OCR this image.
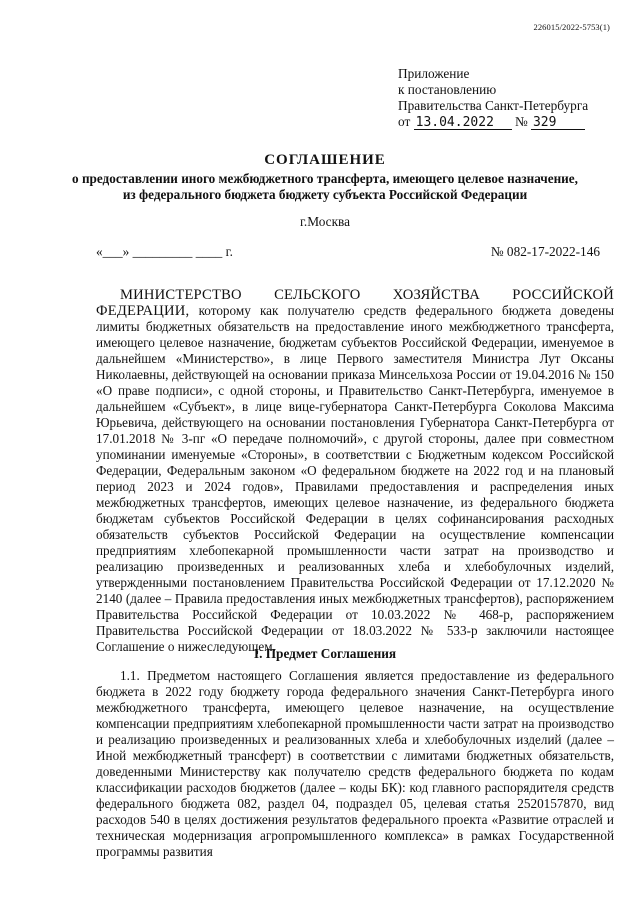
226015/2022-5753(1)
Приложение
к постановлению
Правительства Санкт-Петербурга
от 13.04.2022 № 329
СОГЛАШЕНИЕ
о предоставлении иного межбюджетного трансферта, имеющего целевое назначение,
из федерального бюджета бюджету субъекта Российской Федерации
г.Москва
«___» _________ ____ г.	№ 082-17-2022-146

МИНИСТЕРСТВО СЕЛЬСКОГО ХОЗЯЙСТВА РОССИЙСКОЙ ФЕДЕРАЦИИ, которому как получателю средств федерального бюджета доведены лимиты бюджетных обязательств на предоставление иного межбюджетного трансферта, имеющего целевое назначение, бюджетам субъектов Российской Федерации, именуемое в дальнейшем «Министерство», в лице Первого заместителя Министра Лут Оксаны Николаевны, действующей на основании приказа Минсельхоза России от 19.04.2016 № 150 «О праве подписи», с одной стороны, и Правительство Санкт-Петербурга, именуемое в дальнейшем «Субъект», в лице вице-губернатора Санкт-Петербурга Соколова Максима Юрьевича, действующего на основании постановления Губернатора Санкт-Петербурга от 17.01.2018 № 3-пг «О передаче полномочий», с другой стороны, далее при совместном упоминании именуемые «Стороны», в соответствии с Бюджетным кодексом Российской Федерации, Федеральным законом «О федеральном бюджете на 2022 год и на плановый период 2023 и 2024 годов», Правилами предоставления и распределения иных межбюджетных трансфертов, имеющих целевое назначение, из федерального бюджета бюджетам субъектов Российской Федерации в целях софинансирования расходных обязательств субъектов Российской Федерации на осуществление компенсации предприятиям хлебопекарной промышленности части затрат на производство и реализацию произведенных и реализованных хлеба и хлебобулочных изделий, утвержденными постановлением Правительства Российской Федерации от 17.12.2020 № 2140 (далее – Правила предоставления иных межбюджетных трансфертов), распоряжением Правительства Российской Федерации от 10.03.2022 № 468-р, распоряжением Правительства Российской Федерации от 18.03.2022 № 533-р заключили настоящее Соглашение о нижеследующем.

I. Предмет Соглашения

1.1. Предметом настоящего Соглашения является предоставление из федерального бюджета в 2022 году бюджету города федерального значения Санкт-Петербурга иного межбюджетного трансферта, имеющего целевое назначение, на осуществление компенсации предприятиям хлебопекарной промышленности части затрат на производство и реализацию произведенных и реализованных хлеба и хлебобулочных изделий (далее – Иной межбюджетный трансферт) в соответствии с лимитами бюджетных обязательств, доведенными Министерству как получателю средств федерального бюджета по кодам классификации расходов бюджетов (далее – коды БК): код главного распорядителя средств федерального бюджета 082, раздел 04, подраздел 05, целевая статья 2520157870, вид расходов 540 в целях достижения результатов федерального проекта «Развитие отраслей и техническая модернизация агропромышленного комплекса» в рамках Государственной программы развития
